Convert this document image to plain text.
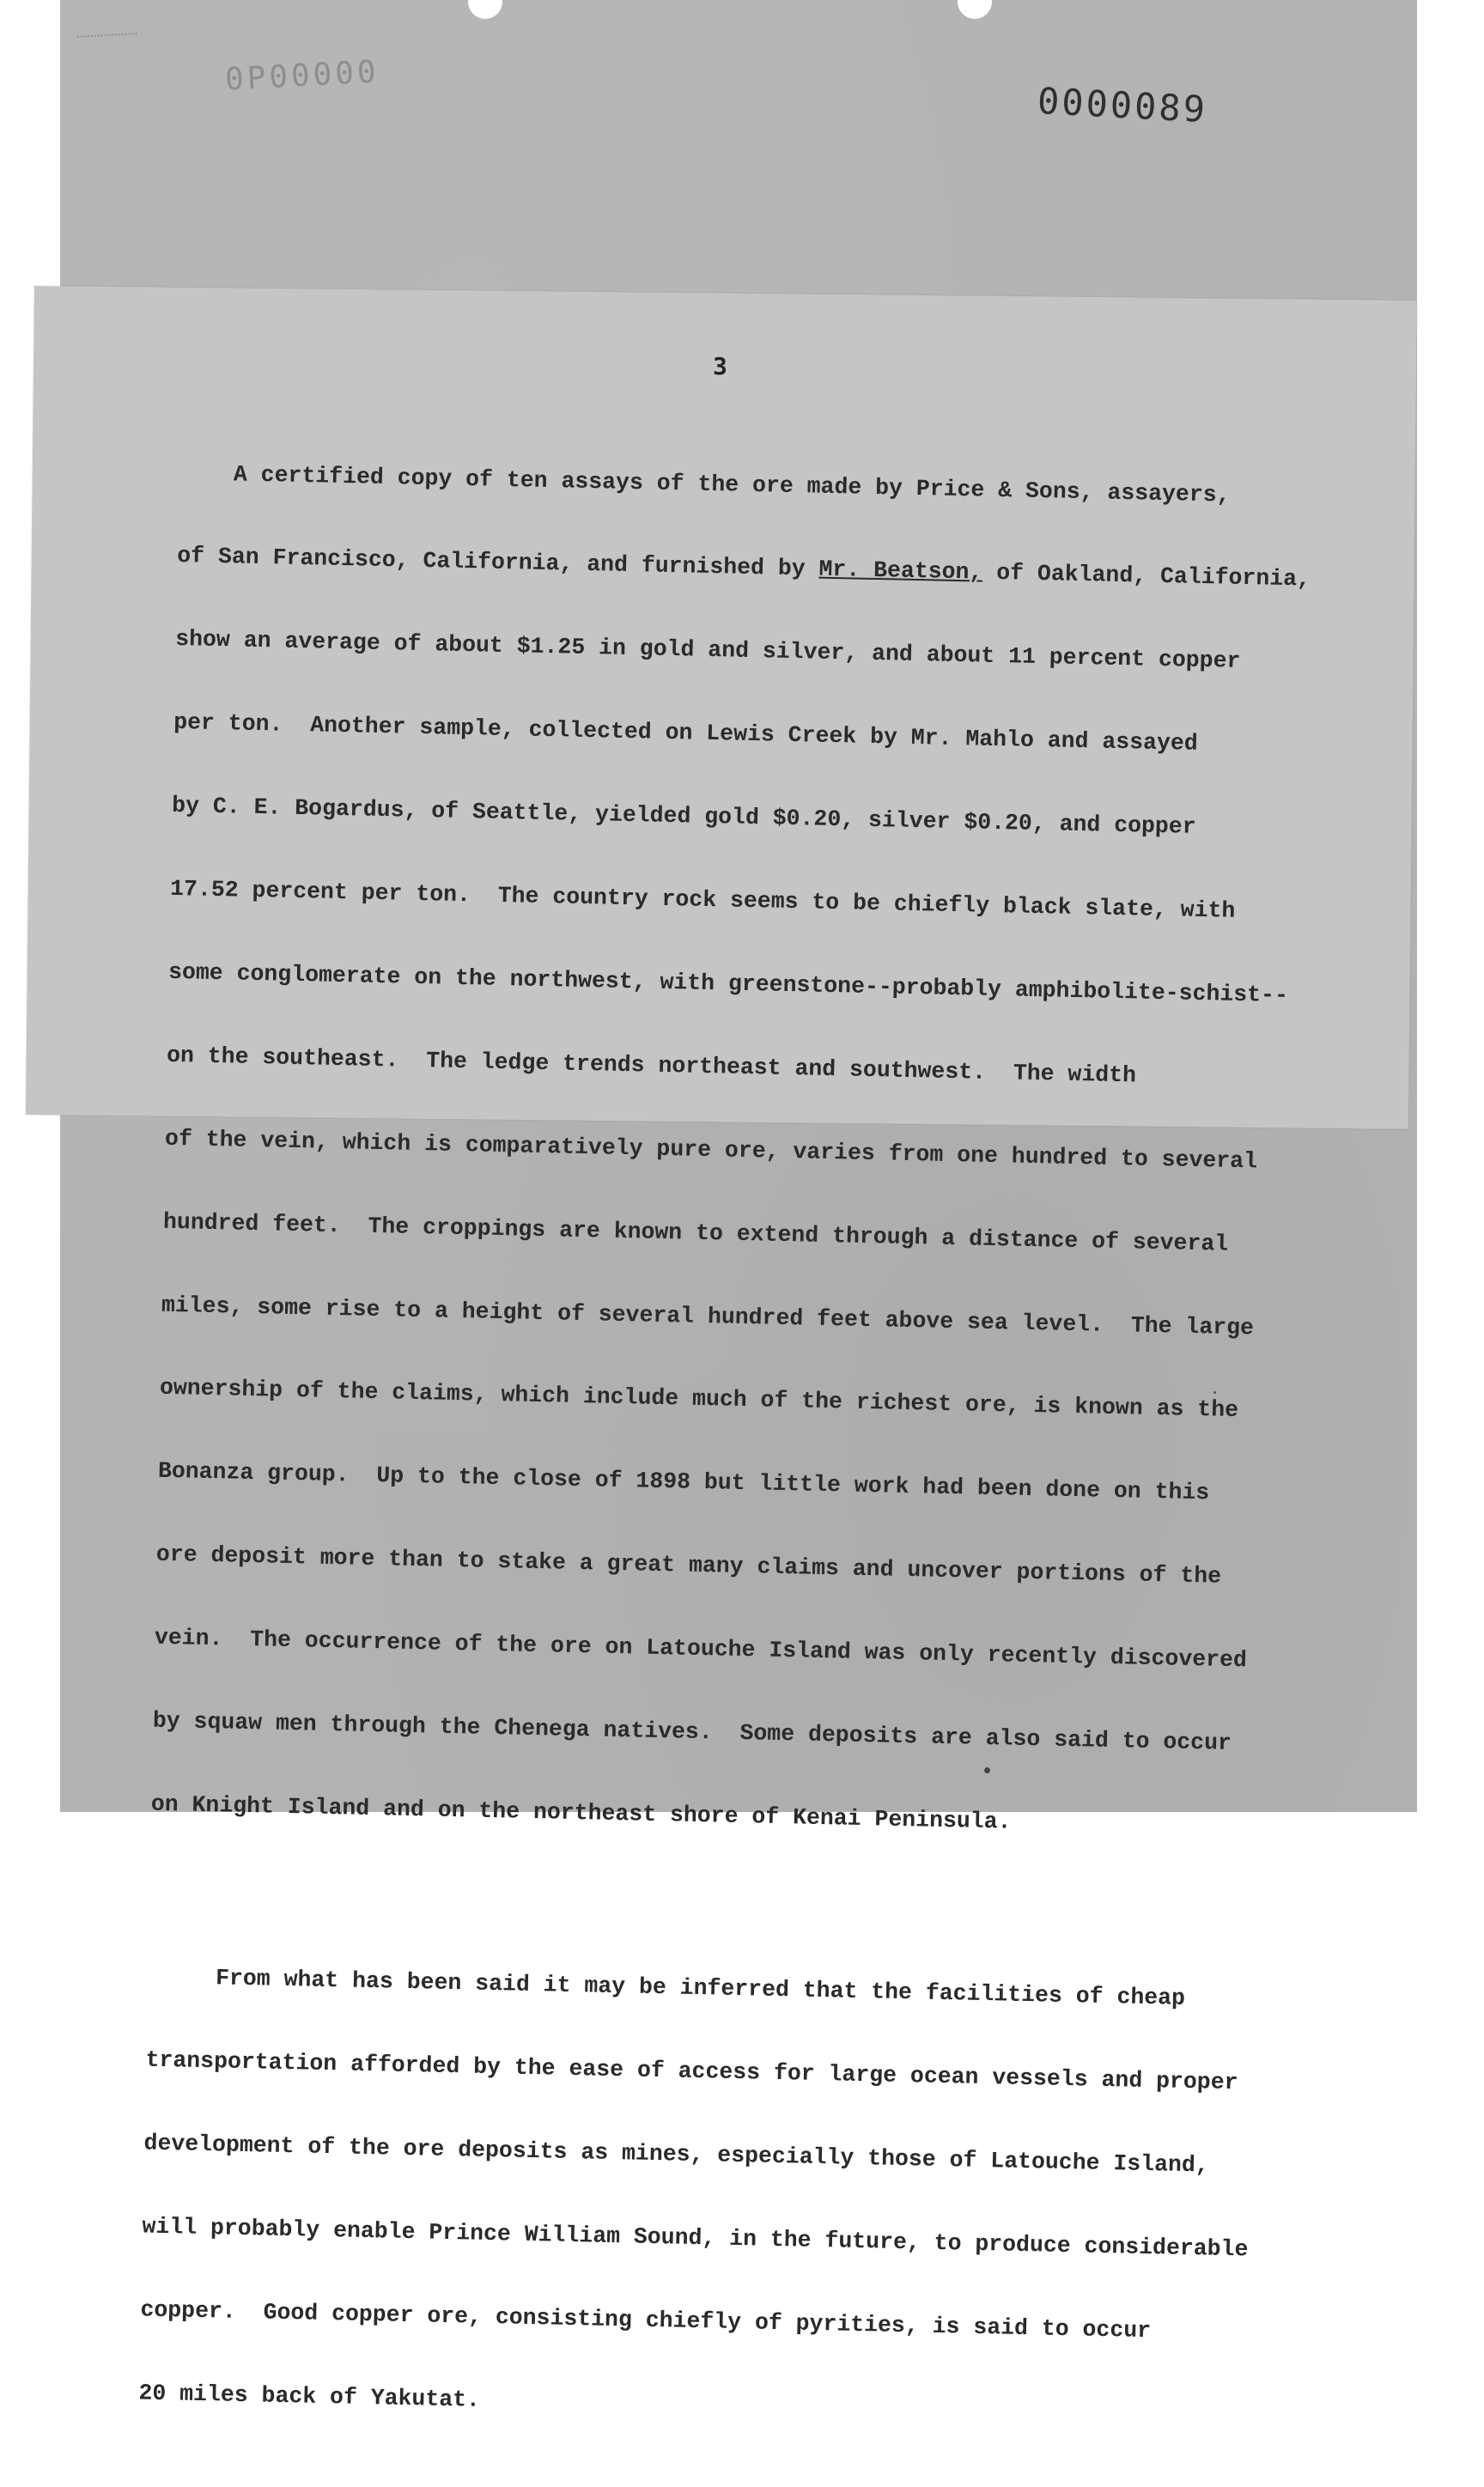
0P00000
0000089
3

A certified copy of ten assays of the ore made by Price & Sons, assayers,

of San Francisco, California, and furnished by Mr. Beatson, of Oakland, California,

show an average of about $1.25 in gold and silver, and about 11 percent copper

per ton.  Another sample, collected on Lewis Creek by Mr. Mahlo and assayed

by C. E. Bogardus, of Seattle, yielded gold $0.20, silver $0.20, and copper

17.52 percent per ton.  The country rock seems to be chiefly black slate, with

some conglomerate on the northwest, with greenstone--probably amphibolite-schist--

on the southeast.  The ledge trends northeast and southwest.  The width

of the vein, which is comparatively pure ore, varies from one hundred to several

hundred feet.  The croppings are known to extend through a distance of several

miles, some rise to a height of several hundred feet above sea level.  The large

ownership of the claims, which include much of the richest ore, is known as the

Bonanza group.  Up to the close of 1898 but little work had been done on this

ore deposit more than to stake a great many claims and uncover portions of the

vein.  The occurrence of the ore on Latouche Island was only recently discovered

by squaw men through the Chenega natives.  Some deposits are also said to occur

on Knight Island and on the northeast shore of Kenai Peninsula.

From what has been said it may be inferred that the facilities of cheap

transportation afforded by the ease of access for large ocean vessels and proper

development of the ore deposits as mines, especially those of Latouche Island,

will probably enable Prince William Sound, in the future, to produce considerable

copper.  Good copper ore, consisting chiefly of pyrities, is said to occur

20 miles back of Yakutat.
